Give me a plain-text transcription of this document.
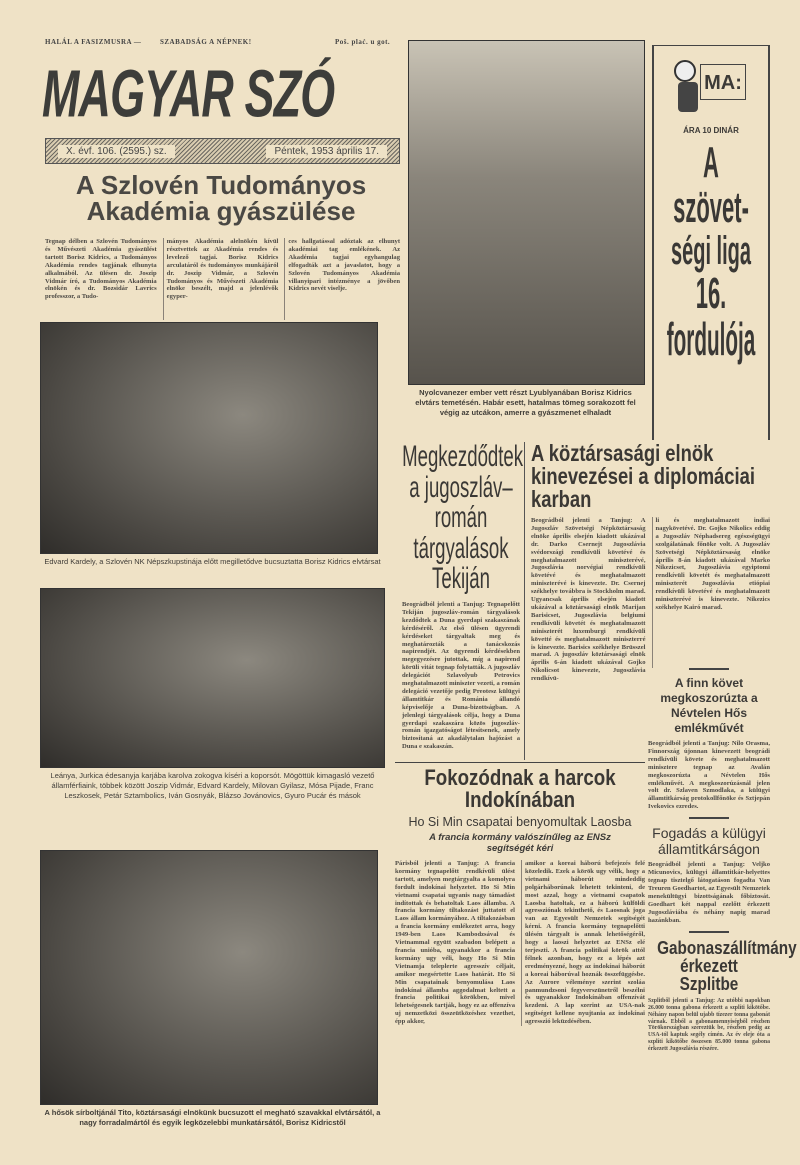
HALÁL A FASIZMUSRA —	SZABADSÁG A NÉPNEK!	Poš. plać. u got.
MAGYAR SZÓ
X. évf. 106. (2595.) sz.	Péntek, 1953 április 17.
A Szlovén Tudományos Akadémia gyászülése

Tegnap délben a Szlovén Tudományos és Művészeti Akadémia gyászülést tartott Borisz Kidrics, a Tudományos Akadémia rendes tagjának elhunyta alkalmából. Az ülésen dr. Joszip Vidmár író, a Tudományos Akadémia elnökén és dr. Bozsidár Lavrics professzor, a Tudo-

mányos Akadémia alelnökén kívül résztvettek az Akadémia rendes és levelező tagjai. Borisz Kidrics arculatáról és tudományos munkájáról dr. Joszip Vidmár, a Szlovén Tudományos és Művészeti Akadémia elnöke beszélt, majd a jelenlévők egyper-

ces hallgatással adóztak az elhunyt akadémiai tag emlékének. Az Akadémia tagjai egyhangulag elfogadták azt a javaslatot, hogy a Szlovén Tudományos Akadémia villanyipari intézménye a jövőben Kidrics nevét viselje.

Edvard Kardely, a Szlovén NK Népszkupstinája előtt megilletődve bucsuztatta Borisz Kidrics elvtársat
Leánya, Jurkica édesanyja karjába karolva zokogva kíséri a koporsót. Mögöttük kimagasló vezető államférfiaink, többek között Joszip Vidmár, Edvard Kardely, Milovan Gyilasz, Mósa Pijade, Franc Leszkosek, Petár Sztambolics, Iván Gosnyák, Blázso Jovánovics, Gyuro Pucár és mások
A hősök sírboltjánál Tito, köztársasági elnökünk bucsuzott el megható szavakkal elvtársától, a nagy forradalmártól és egyik legközelebbi munkatársától, Borisz Kidricstől
Nyolcvanezer ember vett részt Lyublyanában Borisz Kidrics elvtárs temetésén. Habár esett, hatalmas tömeg sorakozott fel végig az utcákon, amerre a gyászmenet elhaladt
MA:
ÁRA 10 DINÁR
A
szövet-
ségi liga
16.
fordulója
Megkezdődtek a jugoszláv–román tárgyalások Tekiján
Beográdból jelenti a Tanjug: Tegnapelőtt Tekiján jugoszláv-román tárgyalások kezdődtek a Duna gyerdapi szakaszának kérdéséről. Az első ülésen ügyrendi kérdéseket tárgyaltak meg és meghatározták a tanácskozás napirendjét. Az ügyrendi kérdésekben megegyezésre jutottak, míg a napirend körüli vitát tegnap folytatták. A jugoszláv delegációt Szlavolyub Petrovics meghatalmazott miniszter vezeti, a román delegáció vezetője pedig Preotesz külügyi államtitkár és Románia állandó képviselője a Duna-bizottságban. A jelenlegi tárgyalások célja, hogy a Duna gyerdapi szakaszára közös jugoszláv-román igazgatóságot létesítsenek, amely biztosítaná az akadálytalan hajózást a Duna e szakaszán.
A köztársasági elnök kinevezései a diplomáciai karban

Beográdból jelenti a Tanjug: A Jugoszláv Szövetségi Népköztársaság elnöke április elsején kiadott ukázával dr. Darko Csernejt Jugoszlávia svédországi rendkívüli követévé és meghatalmazott miniszterévé, Jugoszlávia norvégiai rendkívüli követévé és meghatalmazott miniszterévé is kinevezte. Dr. Csernej székhelye továbbra is Stockholm marad. Ugyancsak április elsején kiadott ukázával a köztársasági elnök Marijan Barisicset, Jugoszlávia belgiumi rendkívüli követét és meghatalmazott miniszterét luxemburgi rendkívüli követté és meghatalmazott miniszterré is kinevezte. Barisics székhelye Brüsszel marad. A jugoszláv köztársasági elnök április 6-án kiadott ukázával Gojko Nikolicsot kinevezte, Jugoszlávia rendkívü-

li és meghatalmazott indiai nagykövetévé. Dr. Gojko Nikolics eddig a Jugoszláv Néphadsereg egészségügyi szolgálatának főnöke volt. A Jugoszláv Szövetségi Népköztársaság elnöke április 8-án kiadott ukázával Marko Nikezicset, Jugoszlávia egyiptomi rendkívüli követét és meghatalmazott miniszterét Jugoszlávia etiópiai rendkívüli követévé és meghatalmazott miniszterévé is kinevezte. Nikezics székhelye Kairó marad.

A finn követ megkoszorúzta a Névtelen Hős emlékművét
Beográdból jelenti a Tanjug: Nilo Orasma, Finnország újonnan kinevezett beográdi rendkívüli követe és meghatalmazott minisztere tegnap az Avalán megkoszorúzta a Névtelen Hős emlékművét. A megkoszorúzásnál jelen volt dr. Szlaven Szmodlaka, a külügyi államtitkárság protokollfőnöke és Sztjepán Ivekovics ezredes.
Fogadás a külügyi államtitkárságon
Beográdból jelenti a Tanjug: Veljko Micunovics, külügyi államtitkár-helyettes tegnap tisztelgő látogatáson fogadta Van Treuren Goedhartot, az Egyesült Nemzetek menekültügyi bizottságának főbiztosát. Goedhart két nappal ezelőtt érkezett Jugoszláviába és néhány napig marad hazánkban.
Gabonaszállítmány érkezett Szplitbe
Szplitből jelenti a Tanjug: Az utóbbi napokban 26.000 tonna gabona érkezett a szplíti kikötőbe. Néhány napon belül ujabb tízezer tonna gabonát várnak. Ebből a gabonamennyiségből részben Törökországban szereztük be, részben pedig az USA-tól kaptuk segély címén. Az év eleje óta a szplíti kikötőbe összesen 85.000 tonna gabona érkezett Jugoszlávia részére.
Fokozódnak a harcok Indokínában
Ho Si Min csapatai benyomultak Laosba
A francia kormány valószínűleg az ENSz segítségét kéri

Párisból jelenti a Tanjug: A francia kormány tegnapelőtt rendkívüli ülést tartott, amelyen megtárgyalta a komolyra fordult indokínai helyzetet. Ho Si Min vietnami csapatai ugyanis nagy támadást indítottak és behatoltak Laos államba. A francia kormány tiltakozást juttatott el Laos állam kormányához. A tiltakozásban a francia kormány emlékeztet arra, hogy 1949-ben Laos Kambodzsával és Vietnammal együtt szabadon belépett a francia unióba, ugyanakkor a francia kormány ugy véli, hogy Ho Si Min Vietnamja teleplerte agresszív céljait, amikor megsértette Laos határát. Ho Si Min csapatainak benyomulása Laos indokínai államba aggodalmat keltett a francia politikai körökben, mivel lehetségesnek tartják, hogy ez az offenzíva uj nemzetközi összeütközéshez vezethet, épp akkor,

amikor a koreai háború befejezés felé közeledik. Ezek a körök ugy vélik, hogy a vietnami háborút mindeddig polgárháborúnak lehetett tekinteni, de most azzal, hogy a vietnami csapatok Laosba hatoltak, ez a háború külföldi agressziónak tekinthető, és Laosnak joga van az Egyesült Nemzetek segítségét kérni. A francia kormány tegnapelőtti ülésén tárgyalt is annak lehetőségéről, hogy a laoszi helyzetet az ENSz elé terjeszti. A francia politikai körök attól félnek azonban, hogy ez a lépés azt eredményezné, hogy az indokínai háborút a koreai háborúval hoznák összefüggésbe. Az Aurore véleménye szerint szoláa panmundzsoni fegyverszünetről beszélni és ugyanakkor Indokínában offenzívát kezdeni. A lap szerint az USA-nak segítséget kellene nyujtania az indokínai agresszió leküzdésében.
